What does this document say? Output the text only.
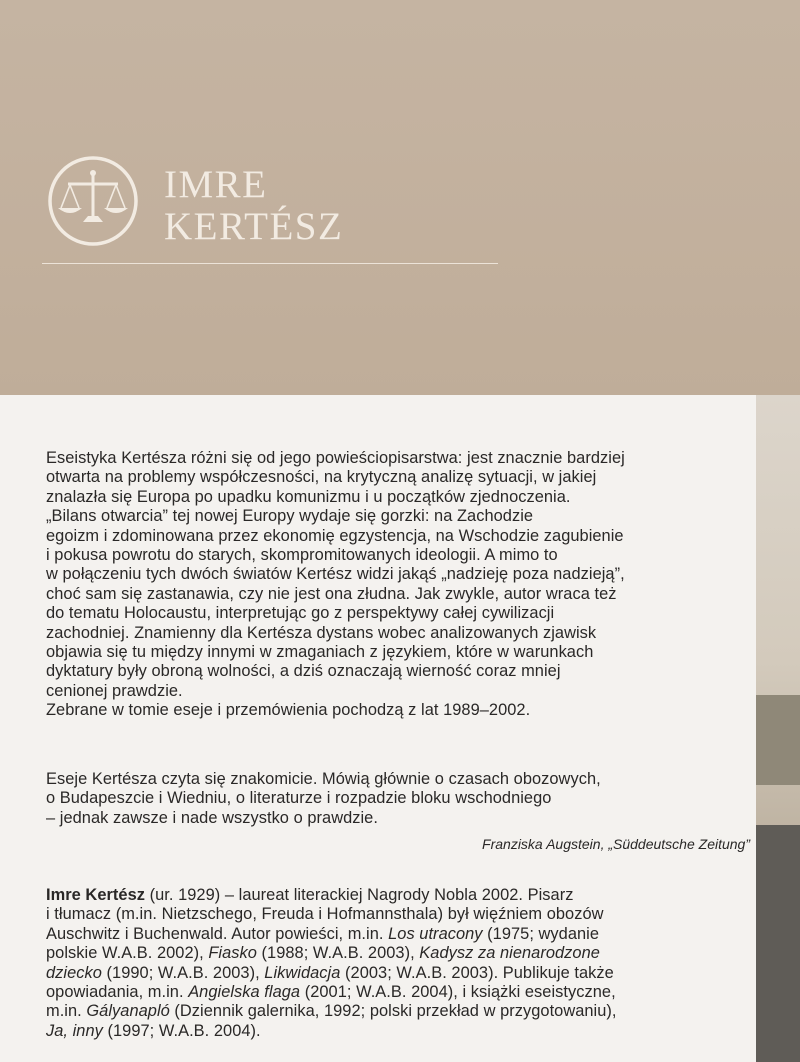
IMRE
KERTÉSZ

Eseistyka Kertésza różni się od jego powieściopisarstwa: jest znacznie bardziej
otwarta na problemy współczesności, na krytyczną analizę sytuacji, w jakiej
znalazła się Europa po upadku komunizmu i u początków zjednoczenia.
„Bilans otwarcia” tej nowej Europy wydaje się gorzki: na Zachodzie
egoizm i zdominowana przez ekonomię egzystencja, na Wschodzie zagubienie
i pokusa powrotu do starych, skompromitowanych ideologii. A mimo to
w połączeniu tych dwóch światów Kertész widzi jakąś „nadzieję poza nadzieją”,
choć sam się zastanawia, czy nie jest ona złudna. Jak zwykle, autor wraca też
do tematu Holocaustu, interpretując go z perspektywy całej cywilizacji
zachodniej. Znamienny dla Kertésza dystans wobec analizowanych zjawisk
objawia się tu między innymi w zmaganiach z językiem, które w warunkach
dyktatury były obroną wolności, a dziś oznaczają wierność coraz mniej
cenionej prawdzie.
Zebrane w tomie eseje i przemówienia pochodzą z lat 1989–2002.

Eseje Kertésza czyta się znakomicie. Mówią głównie o czasach obozowych,
o Budapeszcie i Wiedniu, o literaturze i rozpadzie bloku wschodniego
– jednak zawsze i nade wszystko o prawdzie.

Franziska Augstein, „Süddeutsche Zeitung”

Imre Kertész (ur. 1929) – laureat literackiej Nagrody Nobla 2002. Pisarz
i tłumacz (m.in. Nietzschego, Freuda i Hofmannsthala) był więźniem obozów
Auschwitz i Buchenwald. Autor powieści, m.in. Los utracony (1975; wydanie
polskie W.A.B. 2002), Fiasko (1988; W.A.B. 2003), Kadysz za nienarodzone
dziecko (1990; W.A.B. 2003), Likwidacja (2003; W.A.B. 2003). Publikuje także
opowiadania, m.in. Angielska flaga (2001; W.A.B. 2004), i książki eseistyczne,
m.in. Gályanapló (Dziennik galernika, 1992; polski przekład w przygotowaniu),
Ja, inny (1997; W.A.B. 2004).
